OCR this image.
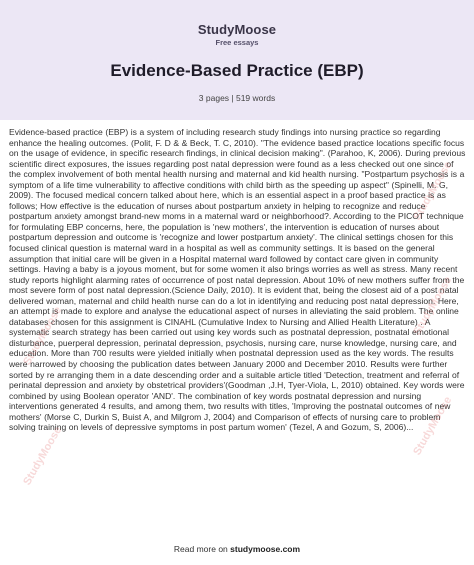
StudyMoose
Free essays
Evidence-Based Practice (EBP)
3 pages | 519 words
Evidence-based practice (EBP) is a system of including research study findings into nursing practice so regarding enhance the healing outcomes. (Polit, F. D & & Beck, T. C, 2010). "The evidence based practice locations specific focus on the usage of evidence, in specific research findings, in clinical decision making". (Parahoo, K, 2006). During previous scientific direct exposures, the issues regarding post natal depression were found as a less checked out one since of the complex involvement of both mental health nursing and maternal and kid health nursing. "Postpartum psychosis is a symptom of a life time vulnerability to affective conditions with child birth as the speeding up aspect" (Spinelli, M. G, 2009). The focused medical concern talked about here, which is an essential aspect in a proof based practice is as follows; How effective is the education of nurses about postpartum anxiety in helping to recognize and reduce postpartum anxiety amongst brand-new moms in a maternal ward or neighborhood?. According to the PICOT technique for formulating EBP concerns, here, the population is 'new mothers', the intervention is education of nurses about postpartum depression and outcome is 'recognize and lower postpartum anxiety'. The clinical settings chosen for this focused clinical question is maternal ward in a hospital as well as community settings. It is based on the general assumption that initial care will be given in a Hospital maternal ward followed by contact care given in community settings. Having a baby is a joyous moment, but for some women it also brings worries as well as stress. Many recent study reports highlight alarming rates of occurrence of post natal depression. About 10% of new mothers suffer from the most severe form of post natal depression.(Science Daily, 2010). It is evident that, being the closest aid of a post natal delivered woman, maternal and child health nurse can do a lot in identifying and reducing post natal depression. Here, an attempt is made to explore and analyse the educational aspect of nurses in alleviating the said problem. The online databases chosen for this assignment is CINAHL (Cumulative Index to Nursing and Allied Health Literature) . A systematic search strategy has been carried out using key words such as postnatal depression, postnatal emotional disturbance, puerperal depression, perinatal depression, psychosis, nursing care, nurse knowledge, nursing care, and education. More than 700 results were yielded initially when postnatal depression used as the key words. The results were narrowed by choosing the publication dates between January 2000 and December 2010. Results were further sorted by re arranging them in a date descending order and a suitable article titled 'Detection, treatment and referral of perinatal depression and anxiety by obstetrical providers'(Goodman ,J.H, Tyer-Viola, L, 2010) obtained. Key words were combined by using Boolean operator 'AND'. The combination of key words postnatal depression and nursing interventions generated 4 results, and among them, two results with titles, 'Improving the postnatal outcomes of new mothers' (Morse C, Durkin S, Buist A, and Milgrom J, 2004) and Comparison of effects of nursing care to problem solving training on levels of depressive symptoms in post partum women' (Tezel, A and Gozum, S, 2006)...
StudyMoose
StudyMoose
StudyMoose
StudyMoose
StudyMoose
Read more on studymoose.com
